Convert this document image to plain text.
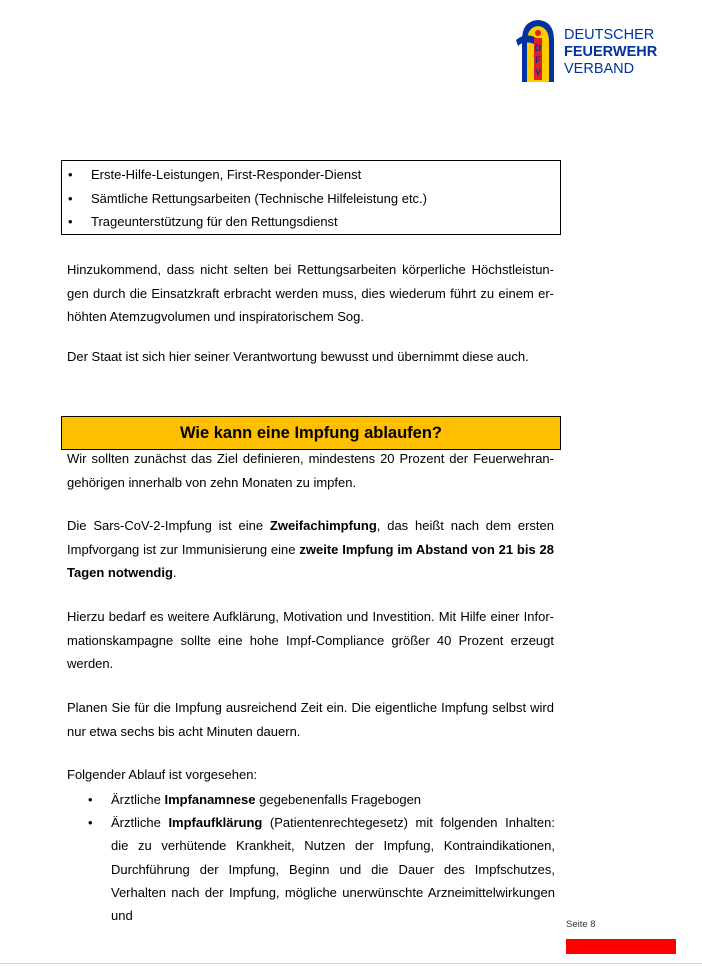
D
F
V
DEUTSCHER
FEUERWEHR
VERBAND
• Erste-Hilfe-Leistungen, First-Responder-Dienst
• Sämtliche Rettungsarbeiten (Technische Hilfeleistung etc.)
• Trageunterstützung für den Rettungsdienst
Hinzukommend, dass nicht selten bei Rettungsarbeiten körperliche Höchstleistun-
gen durch die Einsatzkraft erbracht werden muss, dies wiederum führt zu einem er-
höhten Atemzugvolumen und inspiratorischem Sog.

Der Staat ist sich hier seiner Verantwortung bewusst und übernimmt diese auch.

Wie kann eine Impfung ablaufen?
Wir sollten zunächst das Ziel definieren, mindestens 20 Prozent der Feuerwehran-
gehörigen innerhalb von zehn Monaten zu impfen.

Die Sars-CoV-2-Impfung ist eine Zweifachimpfung, das heißt nach dem ersten Impfvorgang ist zur Immunisierung eine zweite Impfung im Abstand von 21 bis 28 Tagen notwendig.

Hierzu bedarf es weitere Aufklärung, Motivation und Investition. Mit Hilfe einer Infor-
mationskampagne sollte eine hohe Impf-Compliance größer 40 Prozent erzeugt
werden.
Planen Sie für die Impfung ausreichend Zeit ein. Die eigentliche Impfung selbst wird
nur etwa sechs bis acht Minuten dauern.

Folgender Ablauf ist vorgesehen:

• Ärztliche Impfanamnese gegebenenfalls Fragebogen
• Ärztliche Impfaufklärung (Patientenrechtegesetz) mit folgenden Inhalten: die zu verhütende Krankheit, Nutzen der Impfung, Kontraindikationen, Durchführung der Impfung, Beginn und die Dauer des Impfschutzes, Verhalten nach der Impfung, mögliche unerwünschte Arzneimittelwirkungen und
Seite 8
